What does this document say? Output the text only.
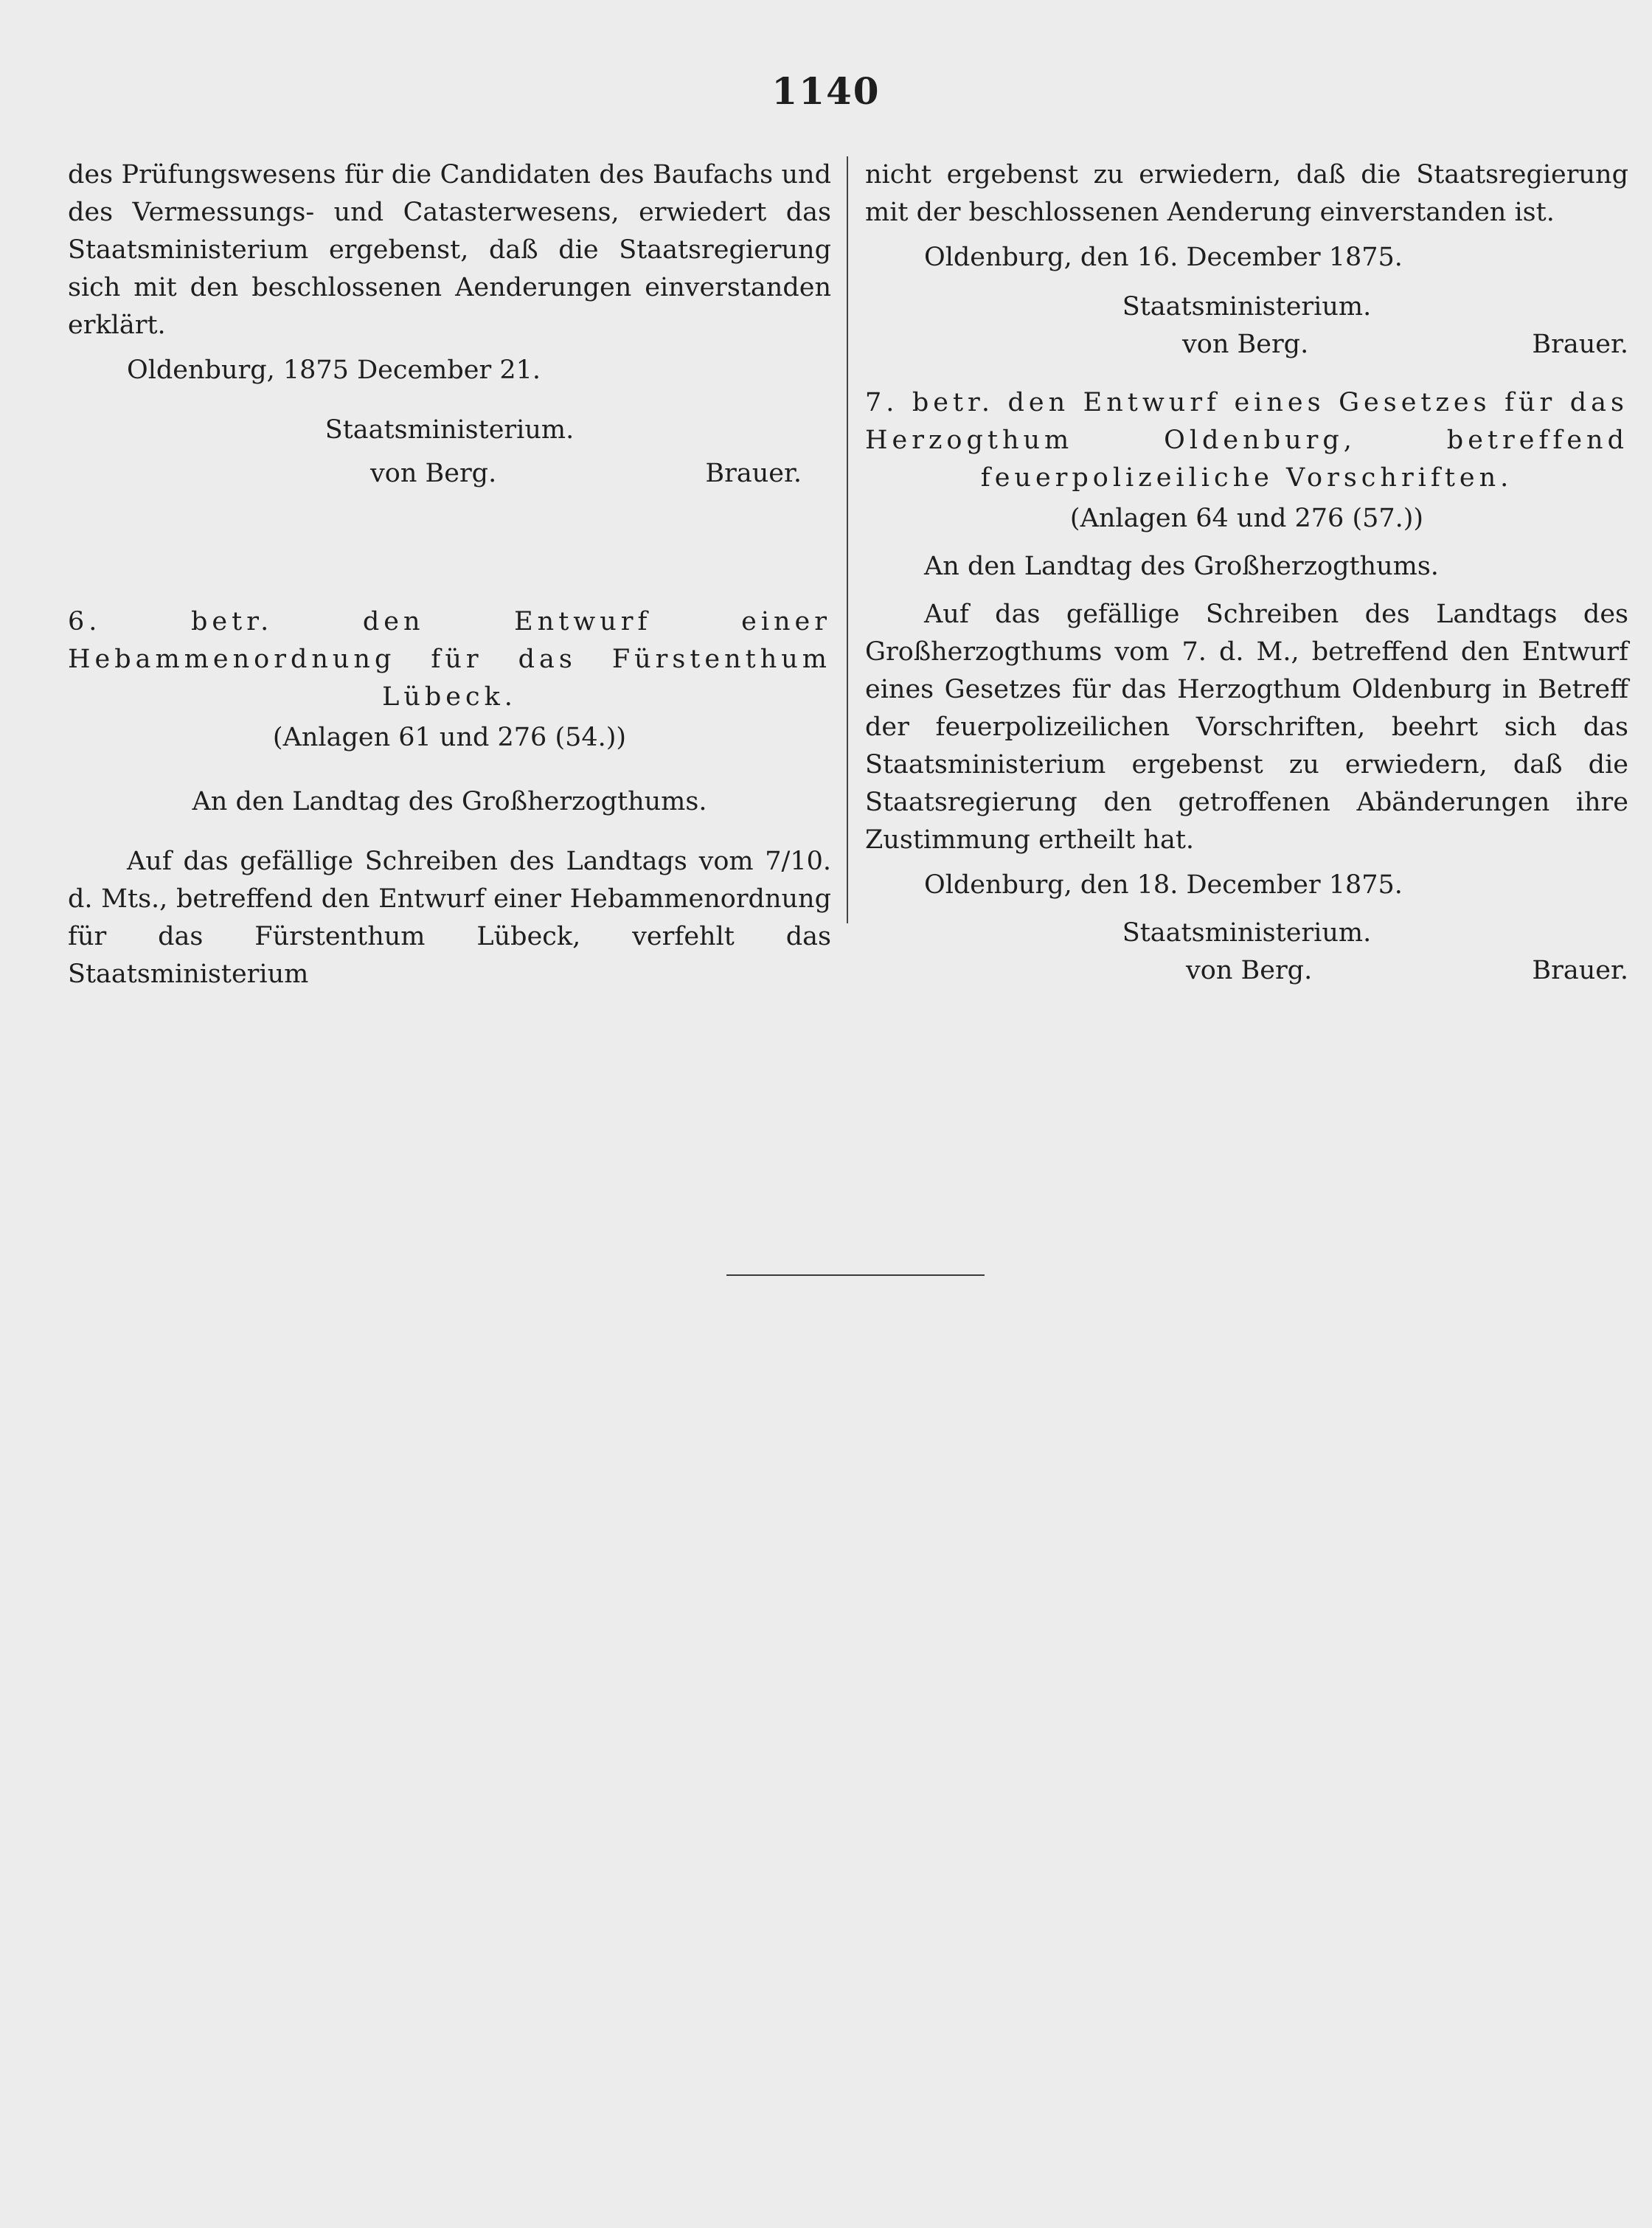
1140

des Prüfungswesens für die Candidaten des Baufachs und des Vermessungs- und Catasterwesens, erwiedert das Staatsministerium ergebenst, daß die Staatsregierung sich mit den beschlossenen Aenderungen einverstanden erklärt.

Oldenburg, 1875 December 21.

Staatsministerium.

von Berg.	Brauer.

6. betr. den Entwurf einer Hebammenordnung für das Fürstenthum Lübeck.

(Anlagen 61 und 276 (54.))

An den Landtag des Großherzogthums.

Auf das gefällige Schreiben des Landtags vom 7/10. d. Mts., betreffend den Entwurf einer Hebammenordnung für das Fürstenthum Lübeck, verfehlt das Staatsministerium

nicht ergebenst zu erwiedern, daß die Staatsregierung mit der beschlossenen Aenderung einverstanden ist.

Oldenburg, den 16. December 1875.

Staatsministerium.

von Berg.	Brauer.

7. betr. den Entwurf eines Gesetzes für das Herzogthum Oldenburg, betreffend feuerpolizeiliche Vorschriften.

(Anlagen 64 und 276 (57.))

An den Landtag des Großherzogthums.

Auf das gefällige Schreiben des Landtags des Großherzogthums vom 7. d. M., betreffend den Entwurf eines Gesetzes für das Herzogthum Oldenburg in Betreff der feuerpolizeilichen Vorschriften, beehrt sich das Staatsministerium ergebenst zu erwiedern, daß die Staatsregierung den getroffenen Abänderungen ihre Zustimmung ertheilt hat.

Oldenburg, den 18. December 1875.

Staatsministerium.

von Berg.	Brauer.
